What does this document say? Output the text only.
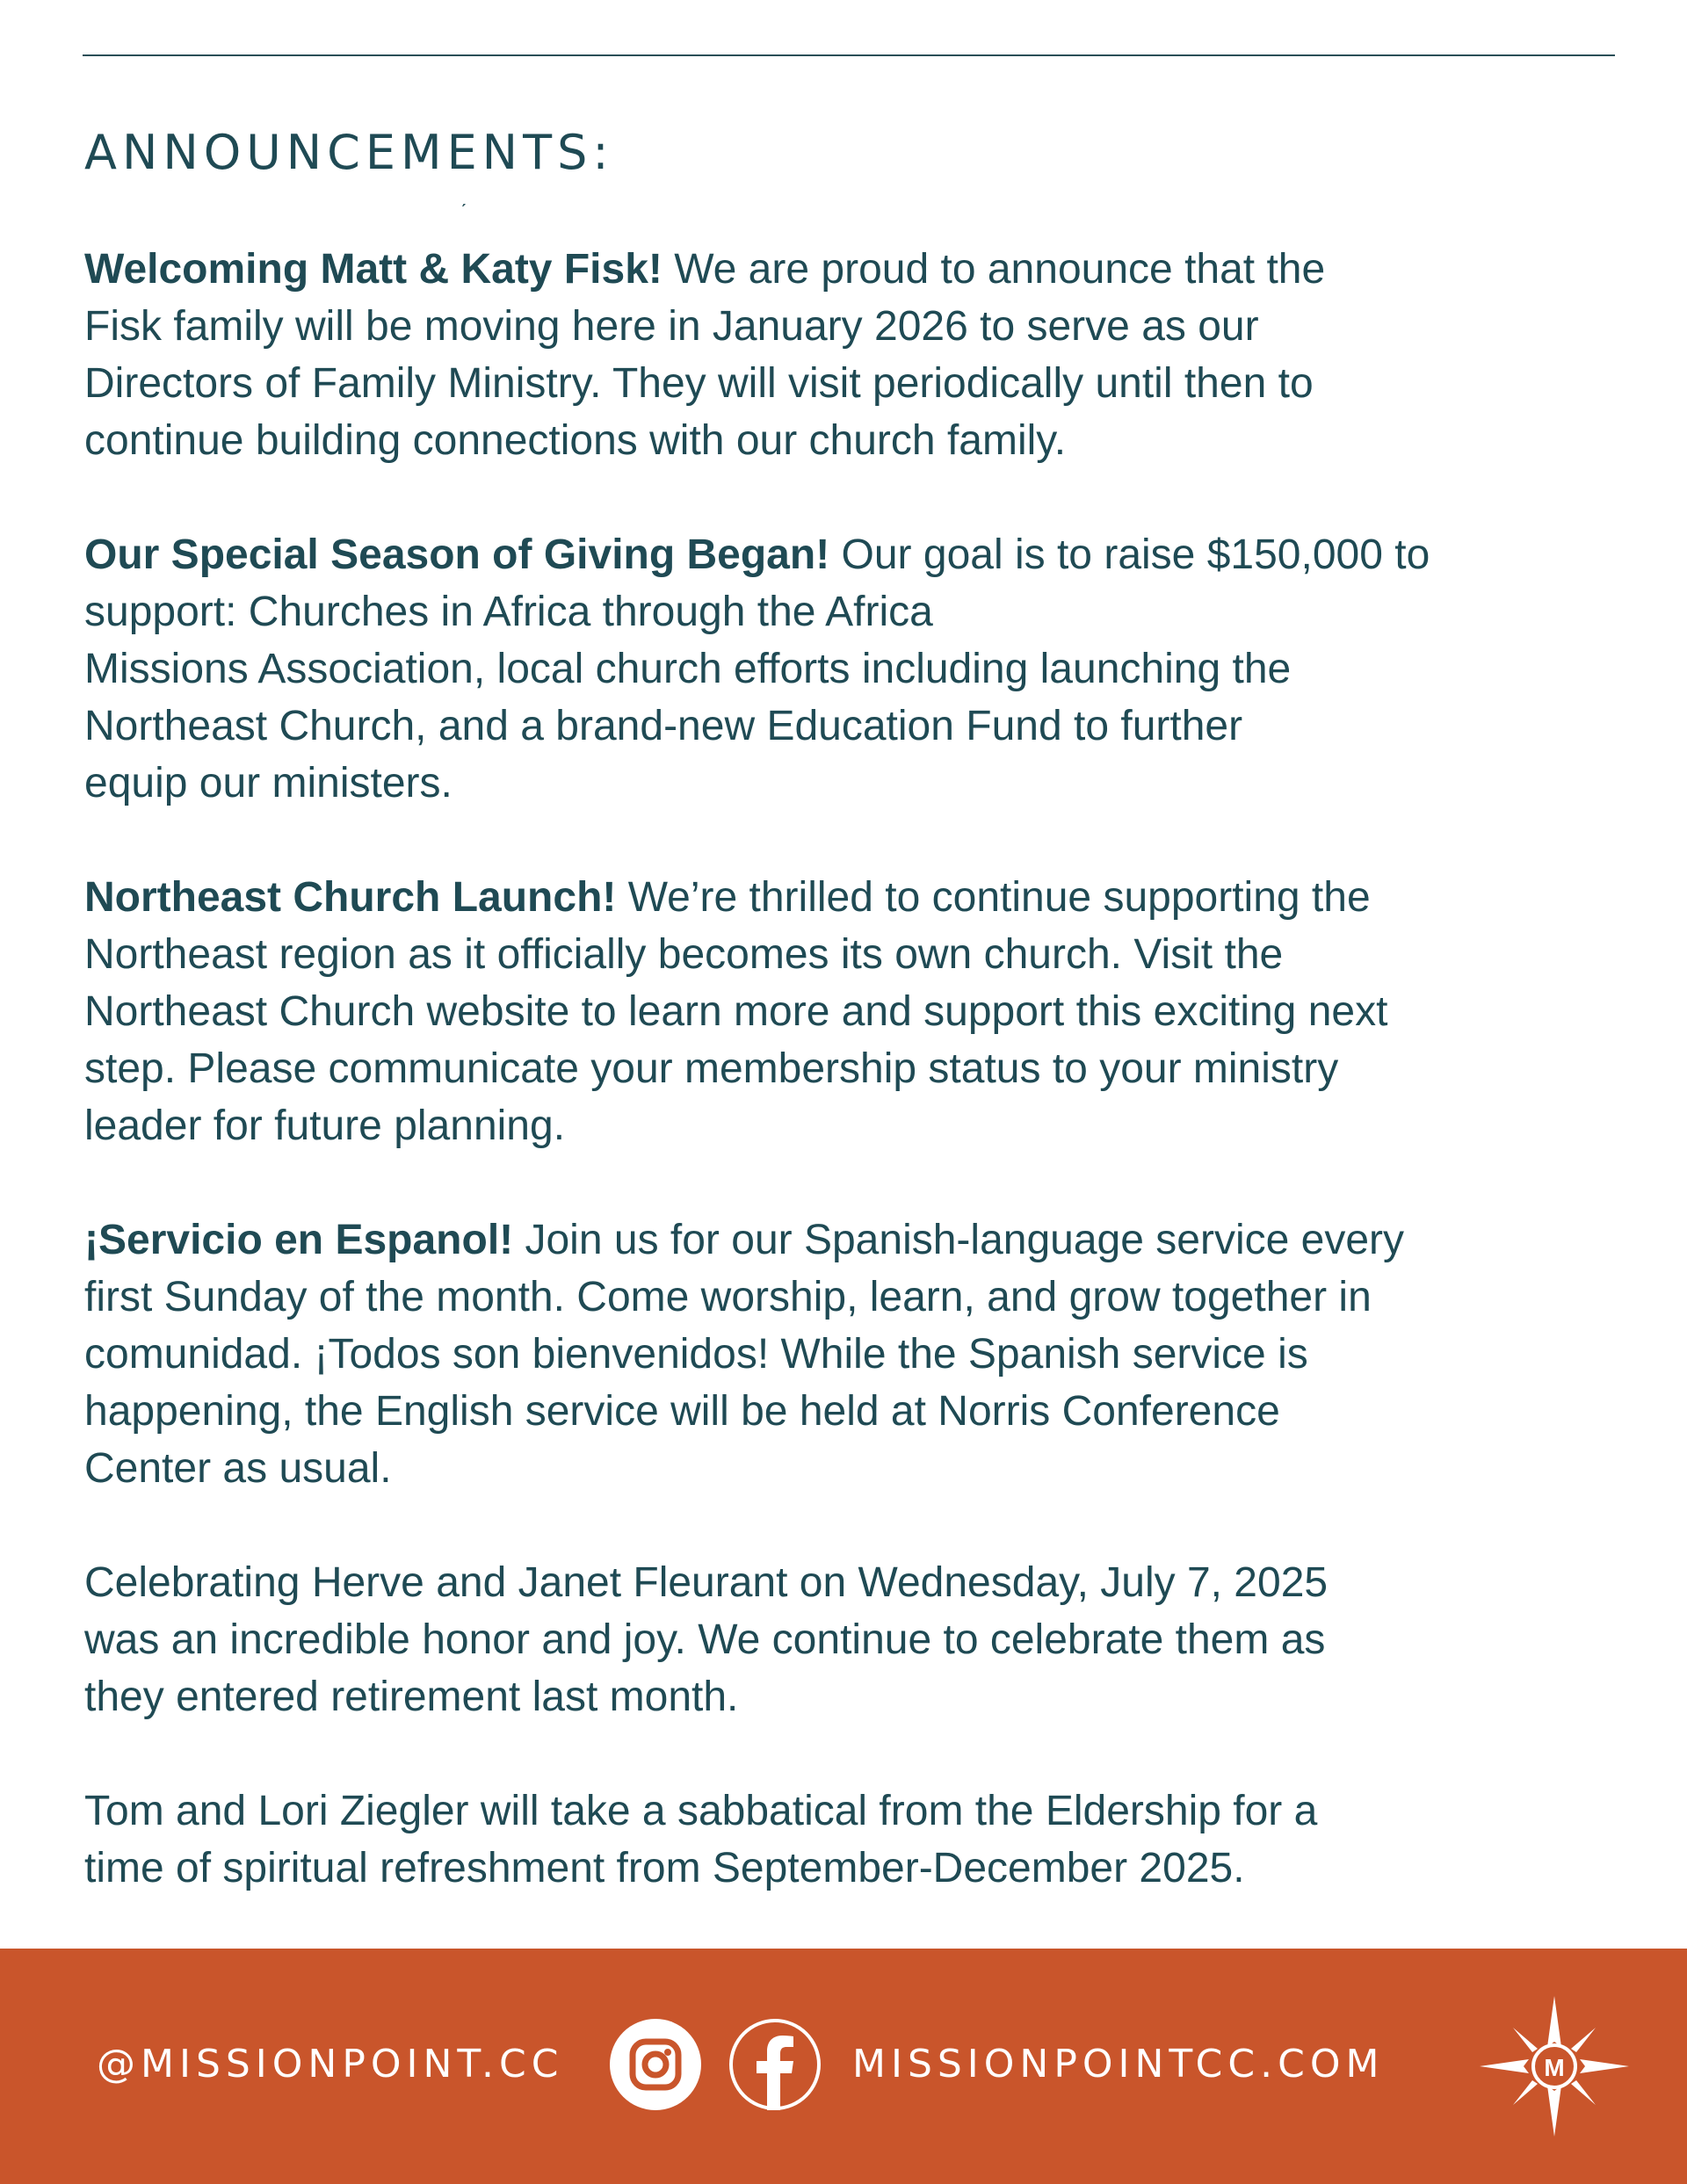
ANNOUNCEMENTS:
ˊ

Welcoming Matt & Katy Fisk! We are proud to announce that the
Fisk family will be moving here in January 2026 to serve as our
Directors of Family Ministry. They will visit periodically until then to
continue building connections with our church family.

Our Special Season of Giving Began! Our goal is to raise $150,000 to
support: Churches in Africa through the Africa
Missions Association, local church efforts including launching the
Northeast Church, and a brand-new Education Fund to further
equip our ministers.

Northeast Church Launch! We’re thrilled to continue supporting the
Northeast region as it officially becomes its own church. Visit the
Northeast Church website to learn more and support this exciting next
step. Please communicate your membership status to your ministry
leader for future planning.

¡Servicio en Espanol! Join us for our Spanish-language service every
first Sunday of the month. Come worship, learn, and grow together in
comunidad. ¡Todos son bienvenidos! While the Spanish service is
happening, the English service will be held at Norris Conference
Center as usual.

Celebrating Herve and Janet Fleurant on Wednesday, July 7, 2025
was an incredible honor and joy. We continue to celebrate them as
they entered retirement last month.

Tom and Lori Ziegler will take a sabbatical from the Eldership for a
time of spiritual refreshment from September-December 2025.

@MISSIONPOINT.CC	MISSIONPOINTCC.COM	M
